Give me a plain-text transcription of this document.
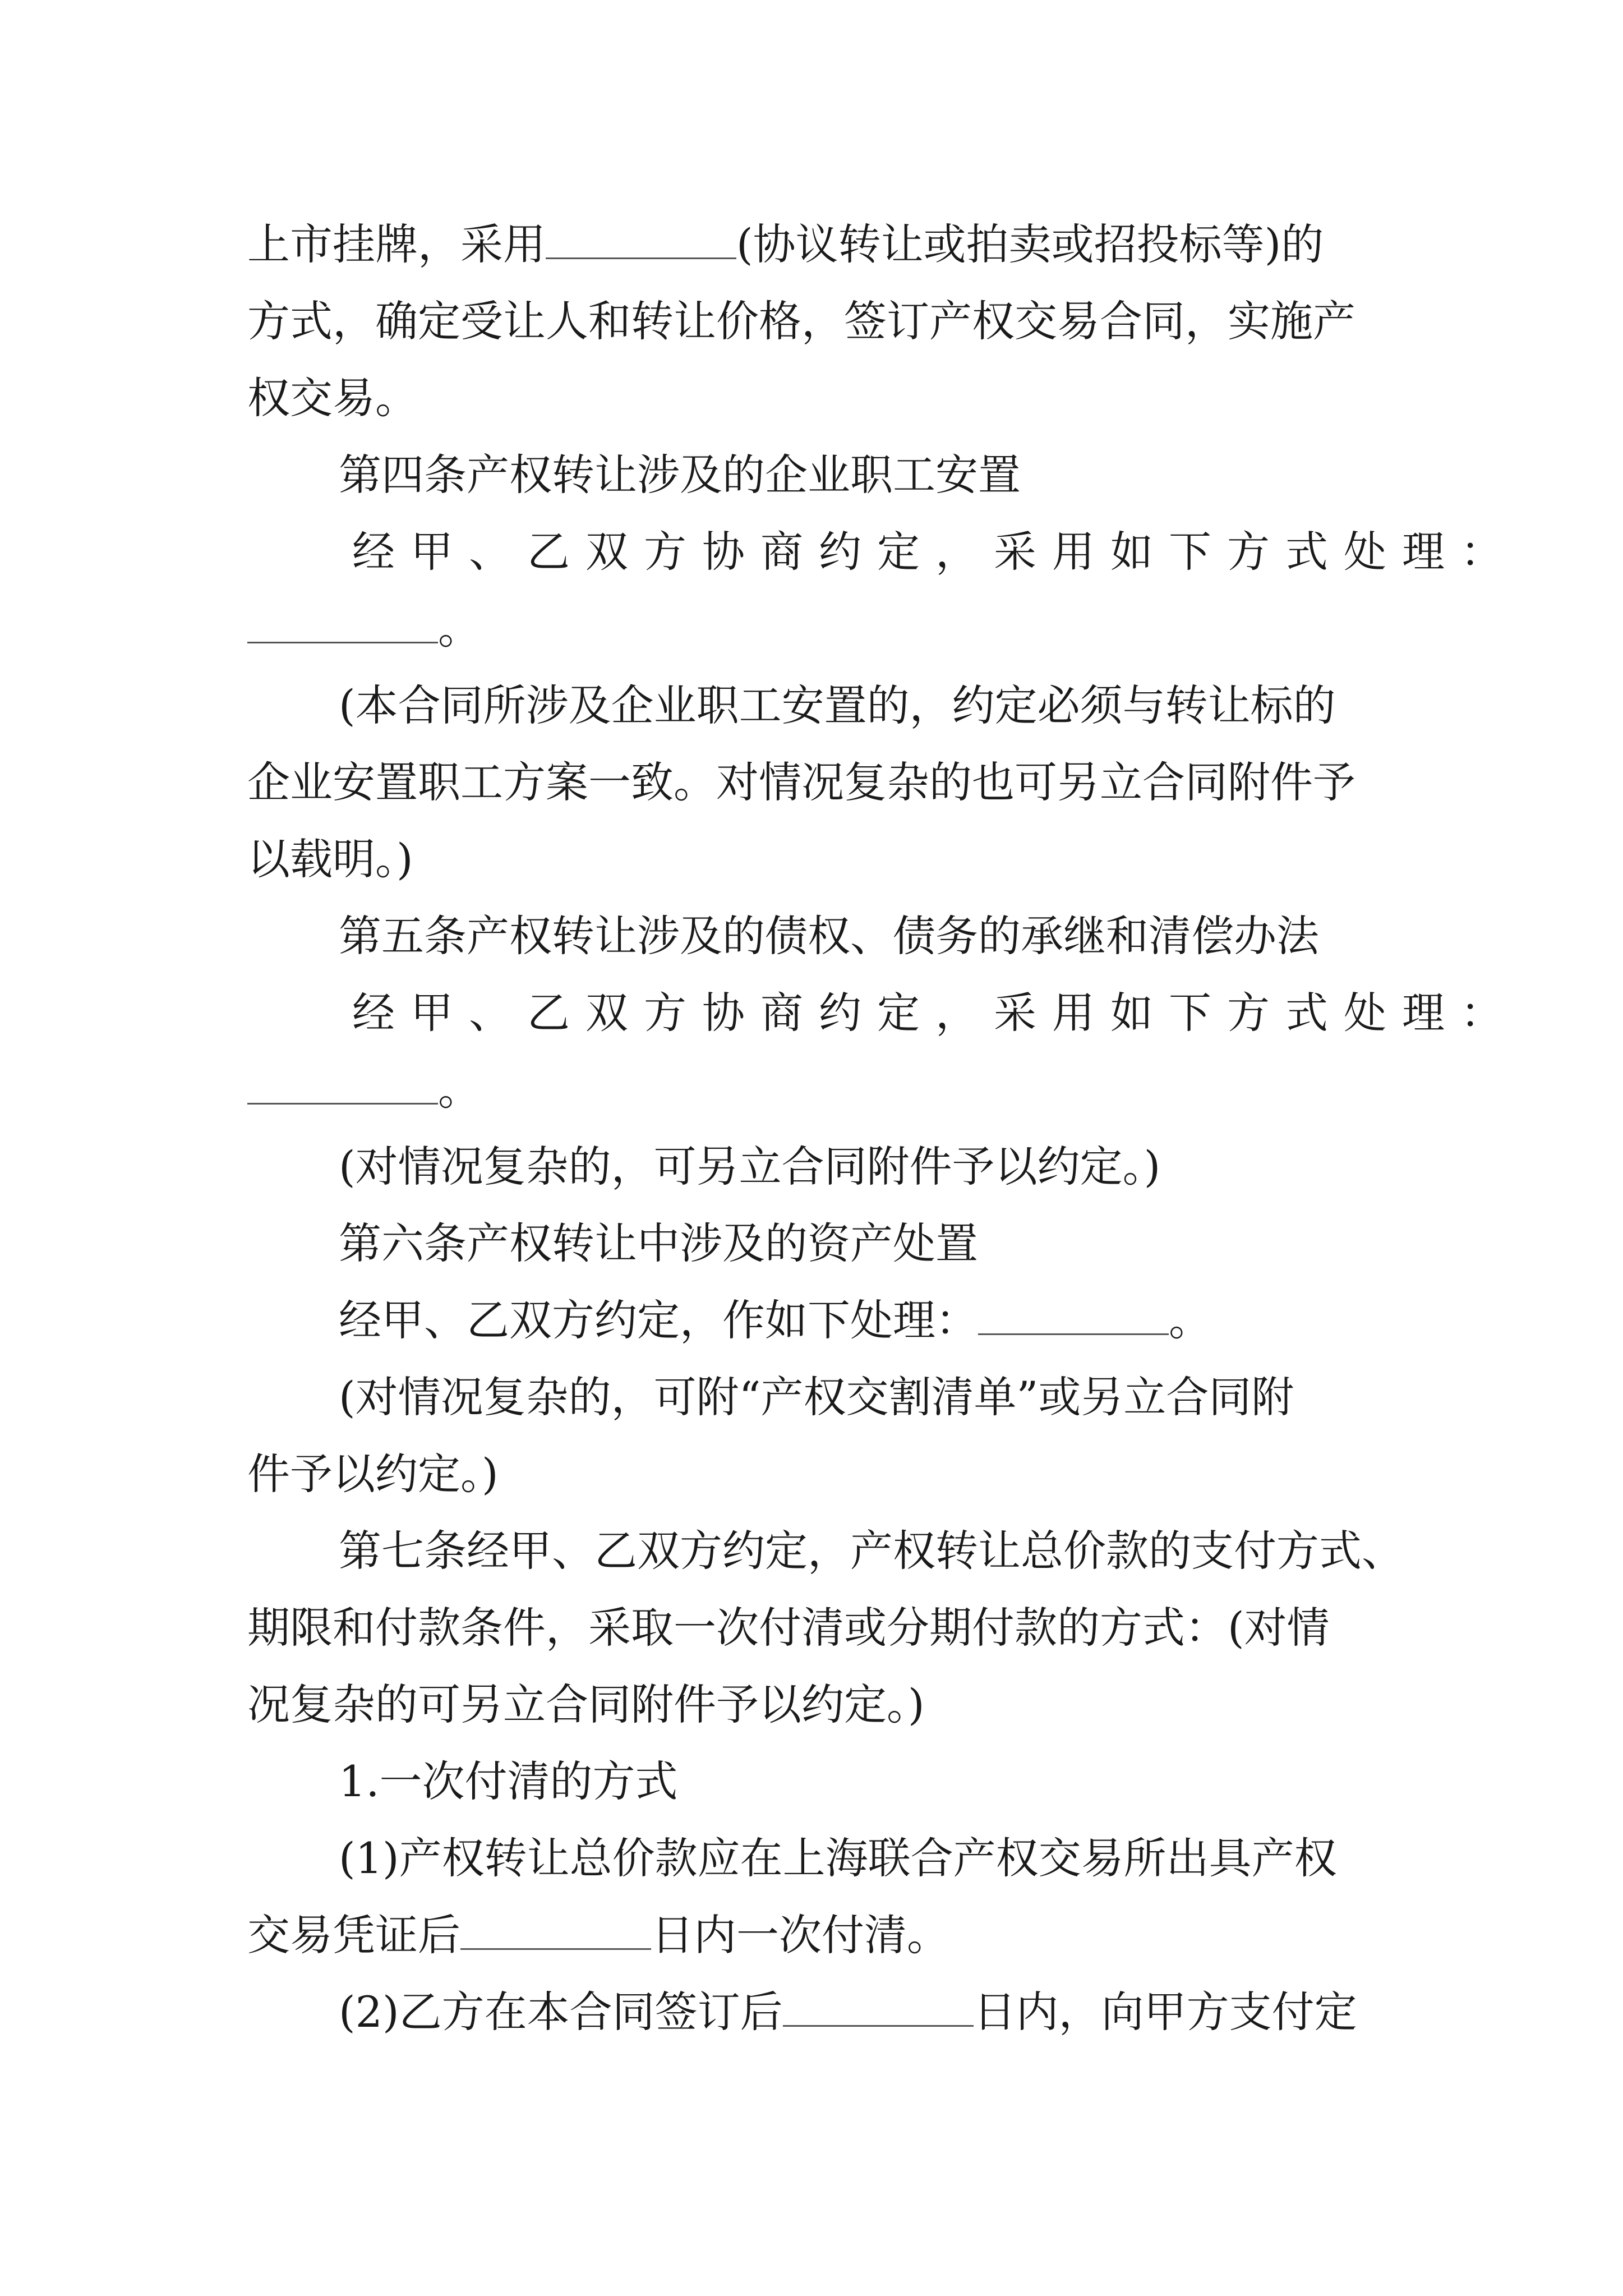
上市挂牌，采用	(协议转让或拍卖或招投标等)的

方式，确定受让人和转让价格，签订产权交易合同，实施产

权交易。

第四条产权转让涉及的企业职工安置

经甲、乙双方协商约定，采用如下方式处理：

。

(本合同所涉及企业职工安置的，约定必须与转让标的

企业安置职工方案一致。对情况复杂的也可另立合同附件予

以载明。)

第五条产权转让涉及的债权、债务的承继和清偿办法

经甲、乙双方协商约定，采用如下方式处理：

。

(对情况复杂的，可另立合同附件予以约定。)

第六条产权转让中涉及的资产处置

经甲、乙双方约定，作如下处理：	。

(对情况复杂的，可附“产权交割清单”或另立合同附

件予以约定。)

第七条经甲、乙双方约定，产权转让总价款的支付方式、

期限和付款条件，采取一次付清或分期付款的方式：(对情

况复杂的可另立合同附件予以约定。)

1.一次付清的方式

(1)产权转让总价款应在上海联合产权交易所出具产权

交易凭证后	日内一次付清。

(2)乙方在本合同签订后	日内，向甲方支付定
